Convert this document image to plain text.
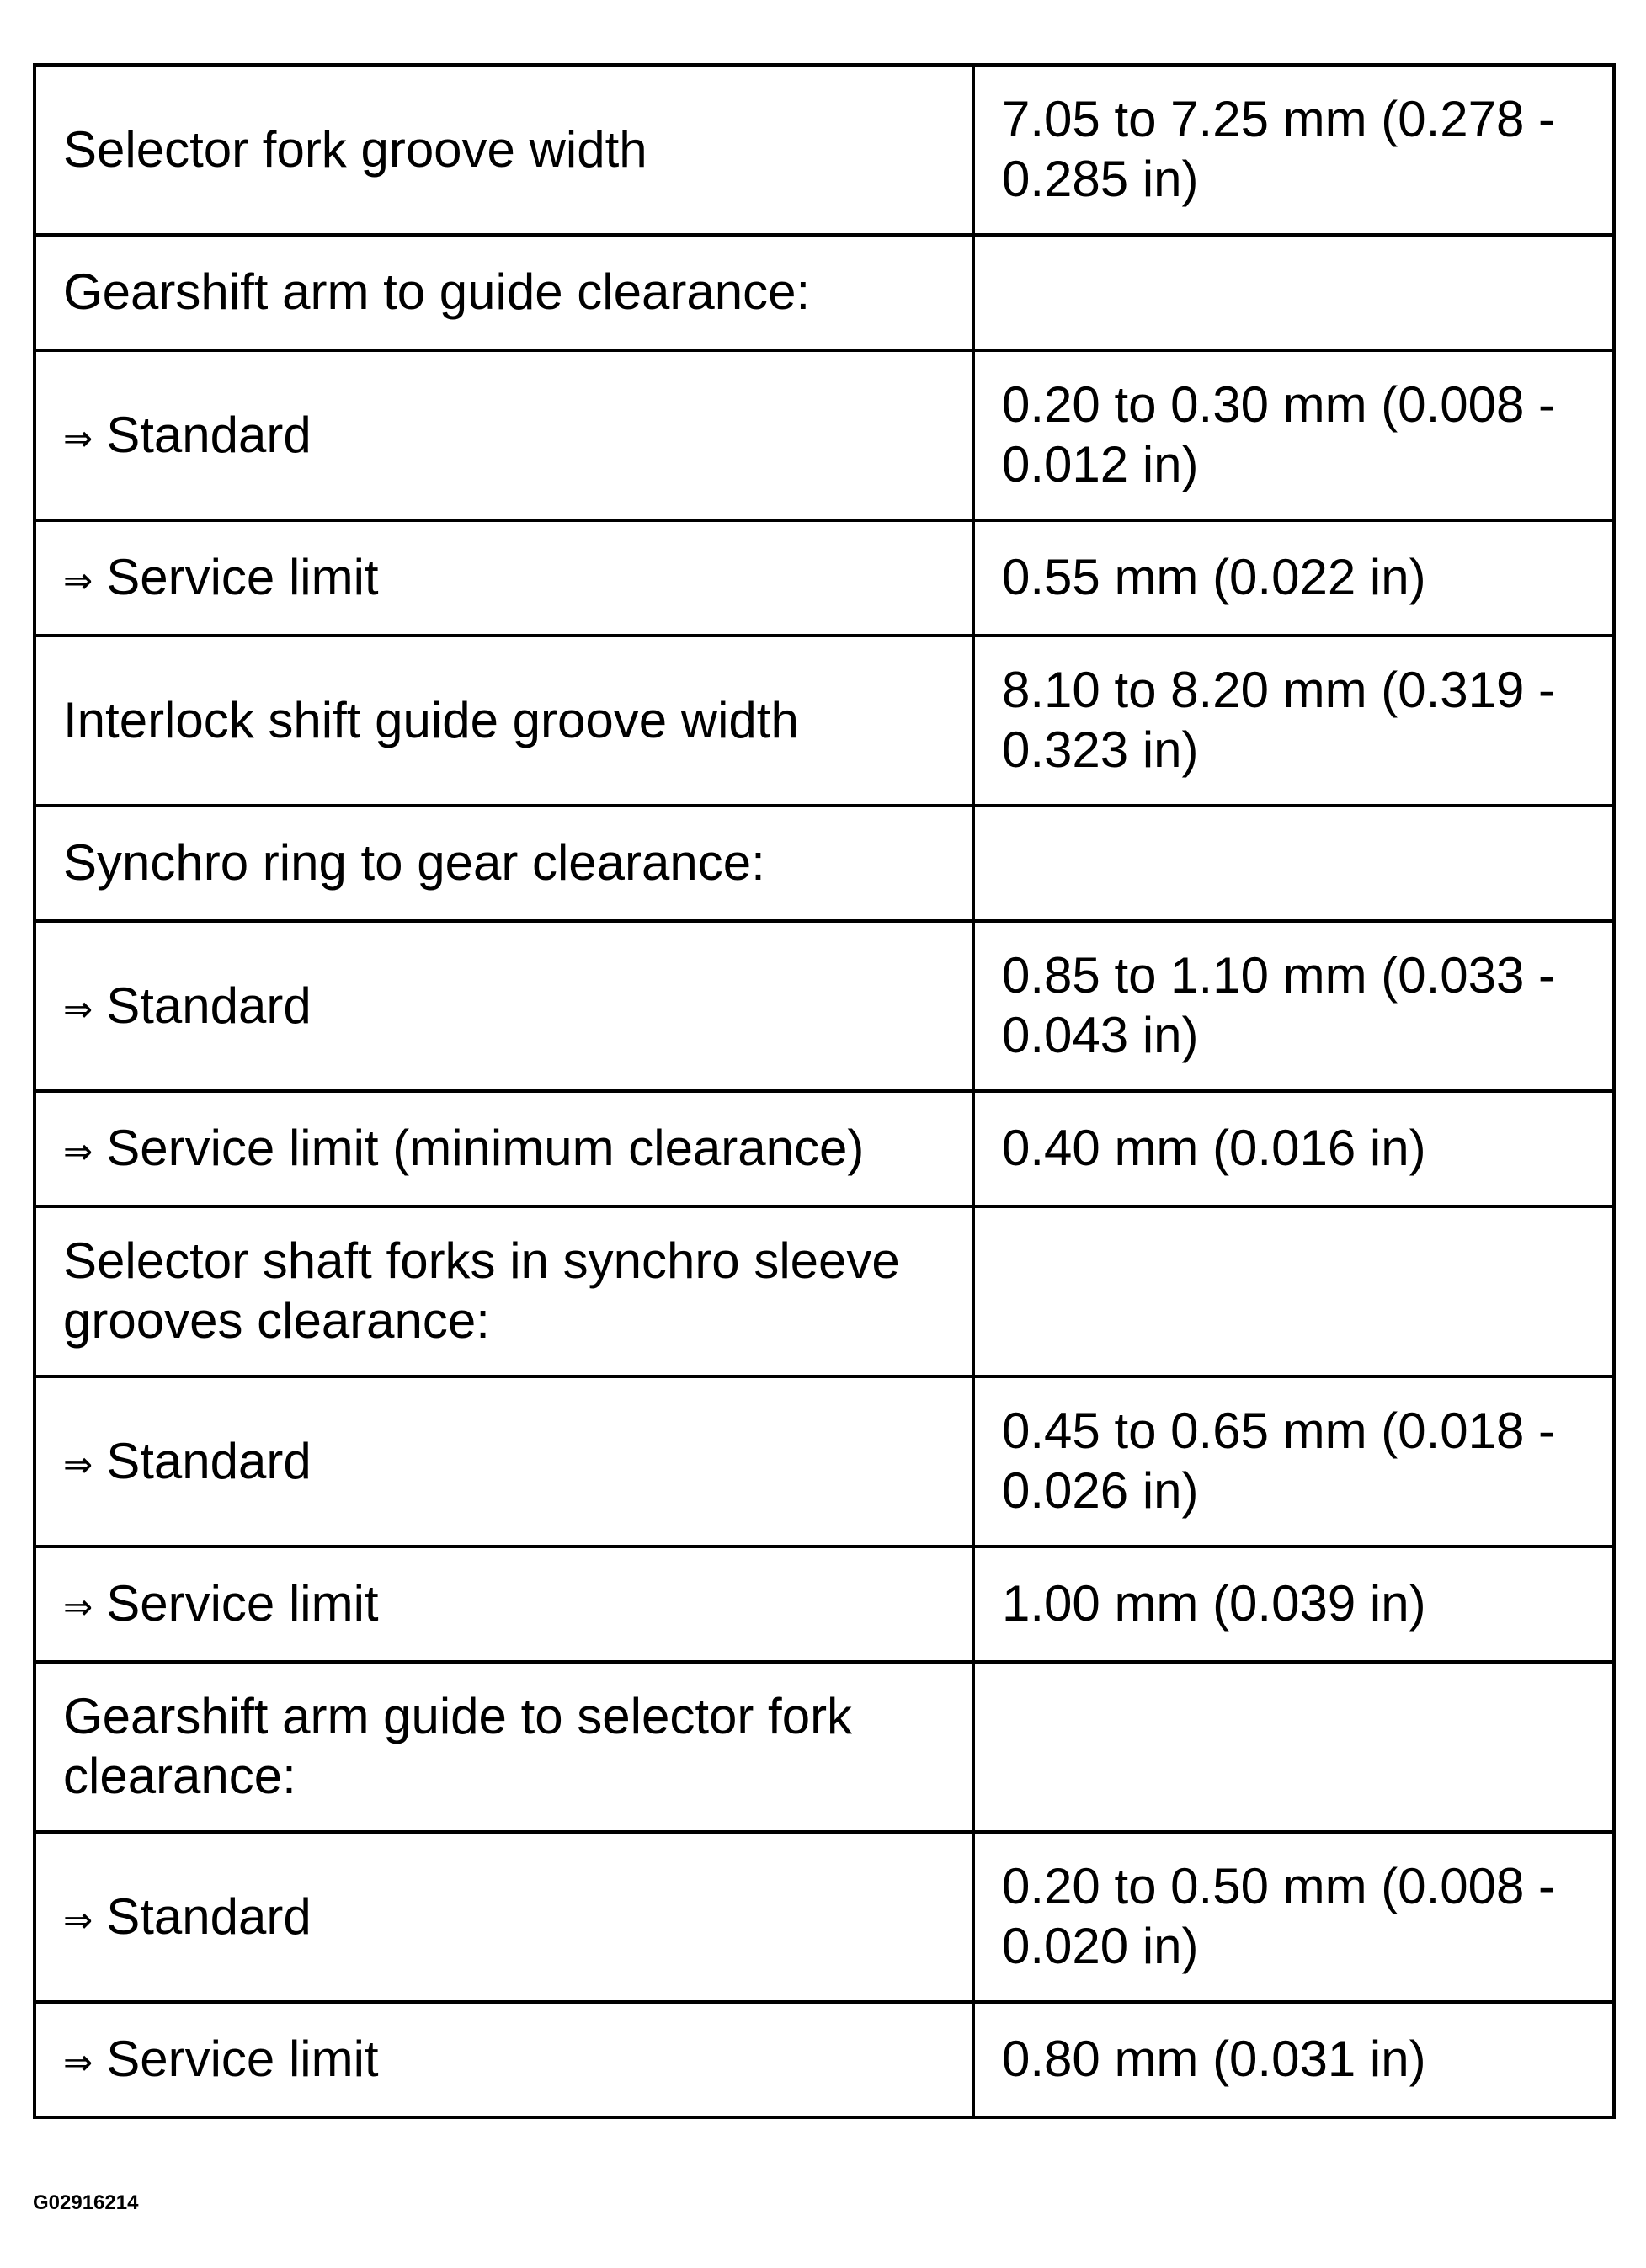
Selector fork groove width	7.05 to 7.25 mm (0.278 - 0.285 in)
Gearshift arm to guide clearance:	
⇒ Standard	0.20 to 0.30 mm (0.008 - 0.012 in)
⇒ Service limit	0.55 mm (0.022 in)
Interlock shift guide groove width	8.10 to 8.20 mm (0.319 - 0.323 in)
Synchro ring to gear clearance:	
⇒ Standard	0.85 to 1.10 mm (0.033 - 0.043 in)
⇒ Service limit (minimum clearance)	0.40 mm (0.016 in)
Selector shaft forks in synchro sleeve grooves clearance:	
⇒ Standard	0.45 to 0.65 mm (0.018 - 0.026 in)
⇒ Service limit	1.00 mm (0.039 in)
Gearshift arm guide to selector fork clearance:	
⇒ Standard	0.20 to 0.50 mm (0.008 - 0.020 in)
⇒ Service limit	0.80 mm (0.031 in)
G02916214
